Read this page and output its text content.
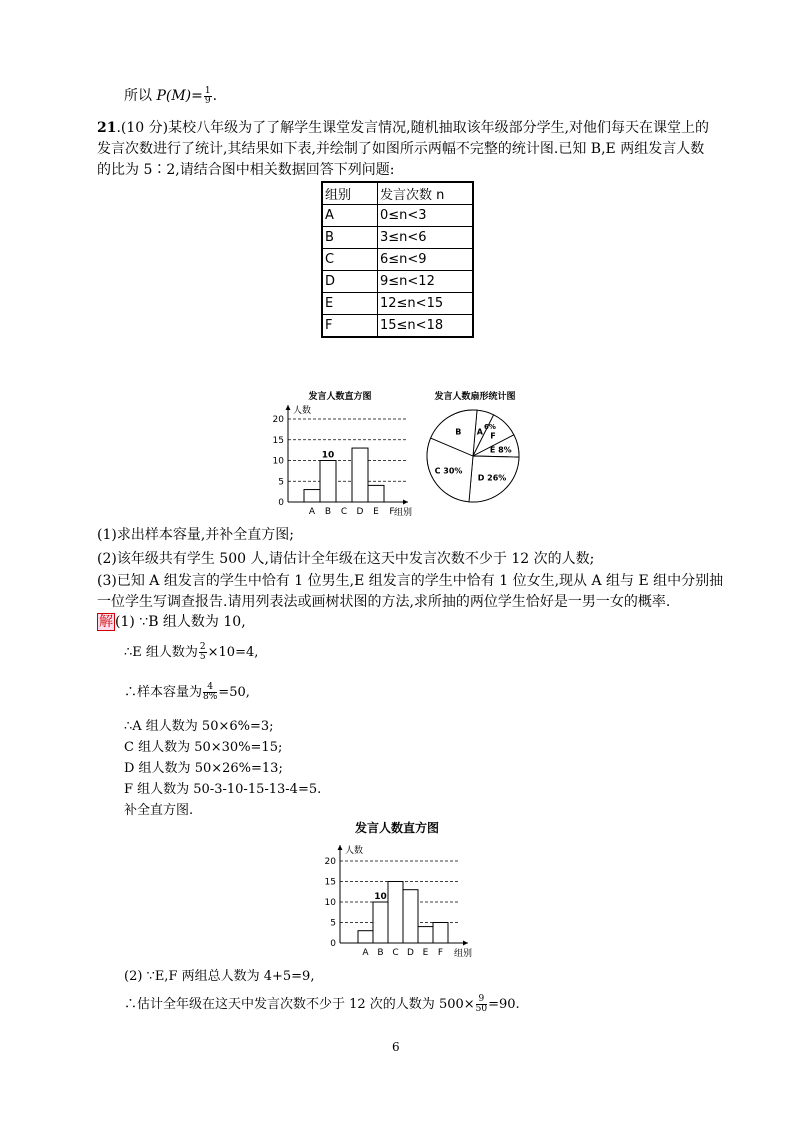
所以 $P(M)= \frac{1}{9}$ .
21.(10 分)某校八年级为了了解学生课堂发言情况,随机抽取该年级部分学生,对他们每天在课堂上的
发言次数进行了统计,其结果如下表,并绘制了如图所示两幅不完整的统计图.已知 B,E 两组发言人数
的比为 5∶2,请结合图中相关数据回答下列问题:
组别	发言次数 n
A	0≤n<3
B	3≤n<6
C	6≤n<9
D	9≤n<12
E	12≤n<15
F	15≤n<18
发言人数直方图
0
5
10
15
20
人数
组别
A B
10
C D E F
发言人数扇形统计图
A F
E 8%
D 26%
C 30%
B
6%
(1)求出样本容量,并补全直方图;
(2)该年级共有学生 500 人,请估计全年级在这天中发言次数不少于 12 次的人数;
(3)已知 A 组发言的学生中恰有 1 位男生,E 组发言的学生中恰有 1 位女生,现从 A 组与 E 组中分别抽
一位学生写调查报告.请用列表法或画树状图的方法,求所抽的两位学生恰好是一男一女的概率.
解 (1) ∵B 组人数为 10,
∴E 组人数为 $\frac{2}{5} \times 10=4$,
∴样本容量为 $\frac{4}{8\%} =50$,
∴A 组人数为 50×6%=3;
C 组人数为 50×30%=15;
D 组人数为 50×26%=13;
F 组人数为 50-3-10-15-13-4=5.
补全直方图.
发言人数直方图
0
5
10
15
20
人数
组别
A B
10
C D E F
(2) ∵E,F 两组总人数为 4+5=9,
∴估计全年级在这天中发言次数不少于 12 次的人数为 $500\times \frac{9}{50} =90$.
6
